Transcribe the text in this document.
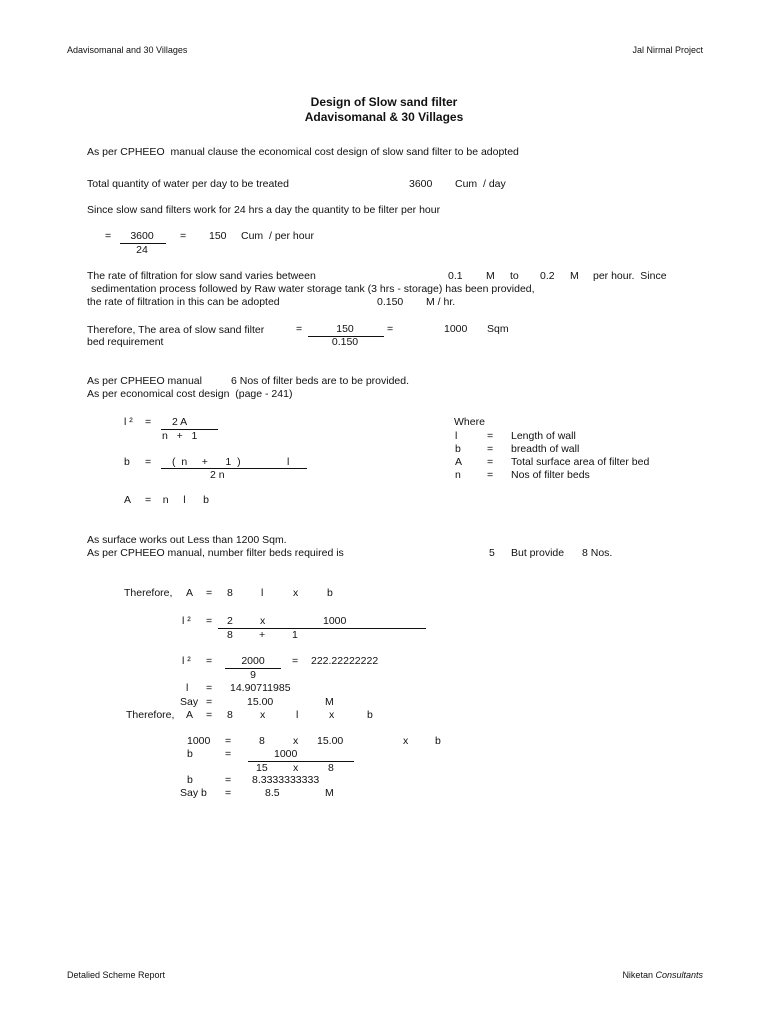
Adavisomanal and 30 Villages	Jal Nirmal Project
Design of Slow sand filter
Adavisomanal & 30 Villages
As per CPHEEO  manual clause the economical cost design of slow sand filter to be adopted
Total quantity of water per day to be treated	3600 Cum  / day
Since slow sand filters work for 24 hrs a day the quantity to be filter per hour
=	3600
24
= 150 Cum  / per hour
The rate of filtration for slow sand varies between	0.1 M to 0.2 M per hour.  Since
sedimentation process followed by Raw water storage tank (3 hrs - storage) has been provided,
the rate of filtration in this can be adopted	0.150 M / hr.
Therefore, The area of slow sand filter
bed requirement
=	150
0.150
=	1000 Sqm
As per CPHEEO manual	6 Nos of filter beds are to be provided.
As per economical cost design  (page - 241)
l ² = 2 A
n   +   1
b = (  n     +      1  )	l
2 n
A =    n     l      b
Where
l	= Length of wall
b = breadth of wall
A = Total surface area of filter bed
n = Nos of filter beds
As surface works out Less than 1200 Sqm.
As per CPHEEO manual, number filter beds required is	5 But provide 8 Nos.
Therefore, A = 8	l	x	b
l ² = 2	x	1000
8 +	1
l ² =	2000
9
= 222.22222222
l = 14.90711985
Say =	15.00	M
Therefore, A = 8	x	l	x	b
1000 =	8	x 15.00	x	b
b	=	1000
15 x	8
b	= 8.3333333333
Say b =	8.5	M
Detalied Scheme Report	Niketan Consultants
